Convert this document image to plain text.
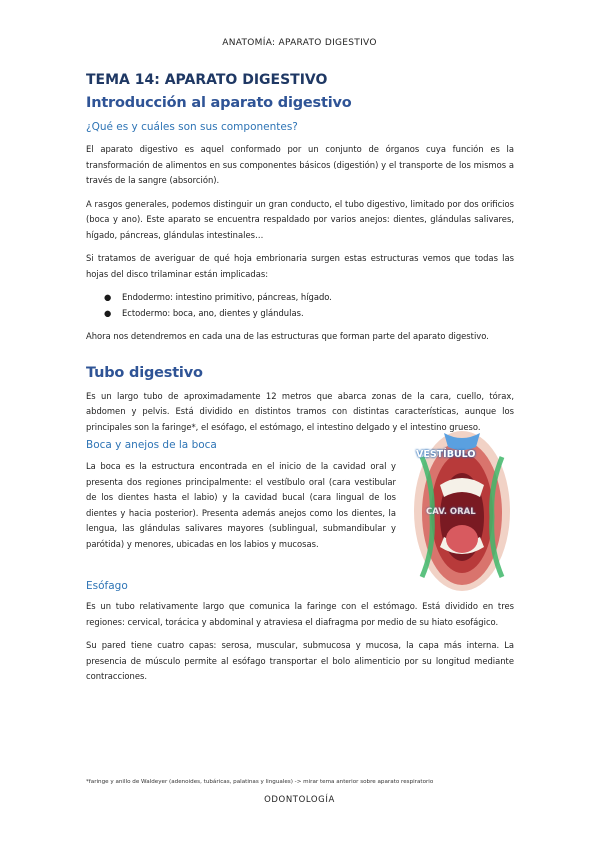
ANATOMÍA: APARATO DIGESTIVO
TEMA 14: APARATO DIGESTIVO
Introducción al aparato digestivo
¿Qué es y cuáles son sus componentes?

El aparato digestivo es aquel conformado por un conjunto de órganos cuya función es la transformación de alimentos en sus componentes básicos (digestión) y el transporte de los mismos a través de la sangre (absorción).

A rasgos generales, podemos distinguir un gran conducto, el tubo digestivo, limitado por dos orificios (boca y ano). Este aparato se encuentra respaldado por varios anejos: dientes, glándulas salivares, hígado, páncreas, glándulas intestinales…

Si tratamos de averiguar de qué hoja embrionaria surgen estas estructuras vemos que todas las hojas del disco trilaminar están implicadas:

● Endodermo: intestino primitivo, páncreas, hígado.
● Ectodermo: boca, ano, dientes y glándulas.

Ahora nos detendremos en cada una de las estructuras que forman parte del aparato digestivo.

Tubo digestivo

Es un largo tubo de aproximadamente 12 metros que abarca zonas de la cara, cuello, tórax, abdomen y pelvis. Está dividido en distintos tramos con distintas características, aunque los principales son la faringe*, el esófago, el estómago, el intestino delgado y el intestino grueso.

Boca y anejos de la boca

La boca es la estructura encontrada en el inicio de la cavidad oral y presenta dos regiones principalmente: el vestíbulo oral (cara vestibular de los dientes hasta el labio) y la cavidad bucal (cara lingual de los dientes y hacia posterior). Presenta además anejos como los dientes, la lengua, las glándulas salivares mayores (sublingual, submandibular y parótida) y menores, ubicadas en los labios y mucosas.

VESTÍBULO
CAV. ORAL
Esófago

Es un tubo relativamente largo que comunica la faringe con el estómago. Está dividido en tres regiones: cervical, torácica y abdominal y atraviesa el diafragma por medio de su hiato esofágico.

Su pared tiene cuatro capas: serosa, muscular, submucosa y mucosa, la capa más interna. La presencia de músculo permite al esófago transportar el bolo alimenticio por su longitud mediante contracciones.

*faringe y anillo de Waldeyer (adenoides, tubáricas, palatinas y linguales) -> mirar tema anterior sobre aparato respiratorio
ODONTOLOGÍA
